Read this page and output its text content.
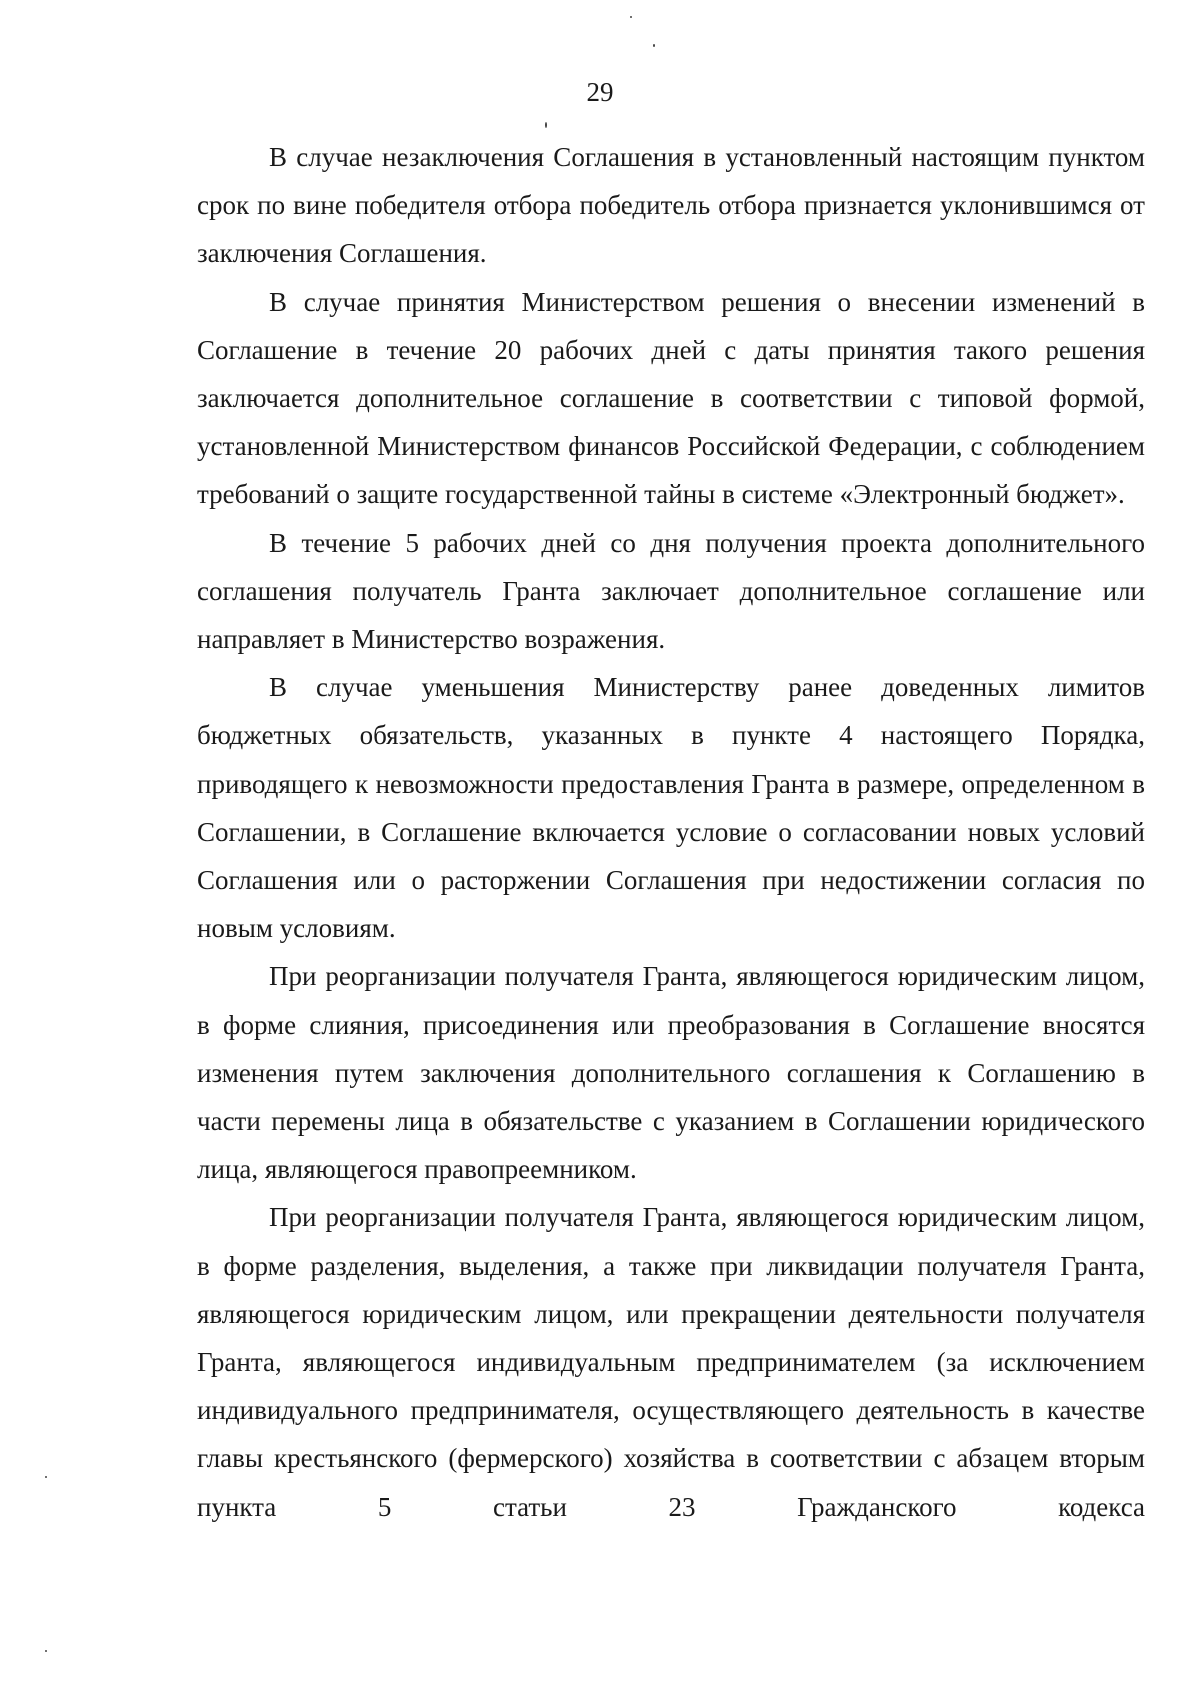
29

В случае незаключения Соглашения в установленный настоящим пунктом срок по вине победителя отбора победитель отбора признается уклонившимся от заключения Соглашения.

В случае принятия Министерством решения о внесении изменений в Соглашение в течение 20 рабочих дней с даты принятия такого решения заключается дополнительное соглашение в соответствии с типовой формой, установленной Министерством финансов Российской Федерации, с соблюдением требований о защите государственной тайны в системе «Электронный бюджет».

В течение 5 рабочих дней со дня получения проекта дополнительного соглашения получатель Гранта заключает дополнительное соглашение или направляет в Министерство возражения.

В случае уменьшения Министерству ранее доведенных лимитов бюджетных обязательств, указанных в пункте 4 настоящего Порядка, приводящего к невозможности предоставления Гранта в размере, определенном в Соглашении, в Соглашение включается условие о согласовании новых условий Соглашения или о расторжении Соглашения при недостижении согласия по новым условиям.

При реорганизации получателя Гранта, являющегося юридическим лицом, в форме слияния, присоединения или преобразования в Соглашение вносятся изменения путем заключения дополнительного соглашения к Соглашению в части перемены лица в обязательстве с указанием в Соглашении юридического лица, являющегося правопреемником.

При реорганизации получателя Гранта, являющегося юридическим лицом, в форме разделения, выделения, а также при ликвидации получателя Гранта, являющегося юридическим лицом, или прекращении деятельности получателя Гранта, являющегося индивидуальным предпринимателем (за исключением индивидуального предпринимателя, осуществляющего деятельность в качестве главы крестьянского (фермерского) хозяйства в соответствии с абзацем вторым пункта 5 статьи 23 Гражданского кодекса
